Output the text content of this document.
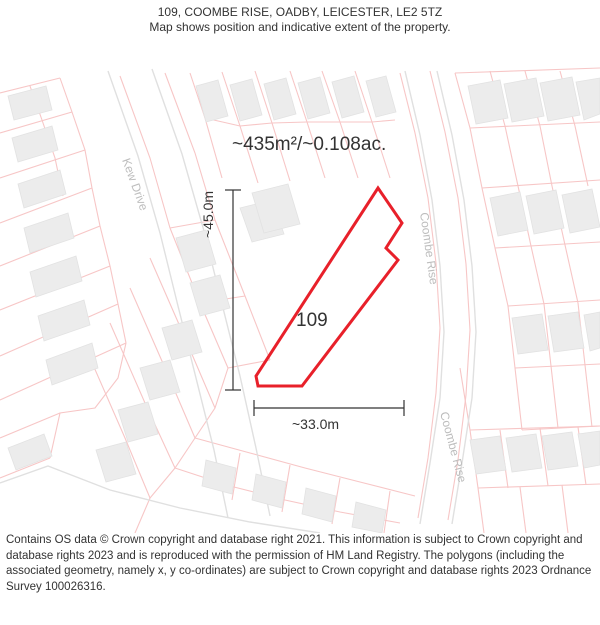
109, COOMBE RISE, OADBY, LEICESTER, LE2 5TZ
Map shows position and indicative extent of the property.
Kew Drive
Coombe Rise
Coombe Rise
~435m²/~0.108ac.
109
~33.0m
~45.0m
Contains OS data © Crown copyright and database right 2021. This information is subject to Crown copyright and database rights 2023 and is reproduced with the permission of HM Land Registry. The polygons (including the associated geometry, namely x, y co-ordinates) are subject to Crown copyright and database rights 2023 Ordnance Survey 100026316.
